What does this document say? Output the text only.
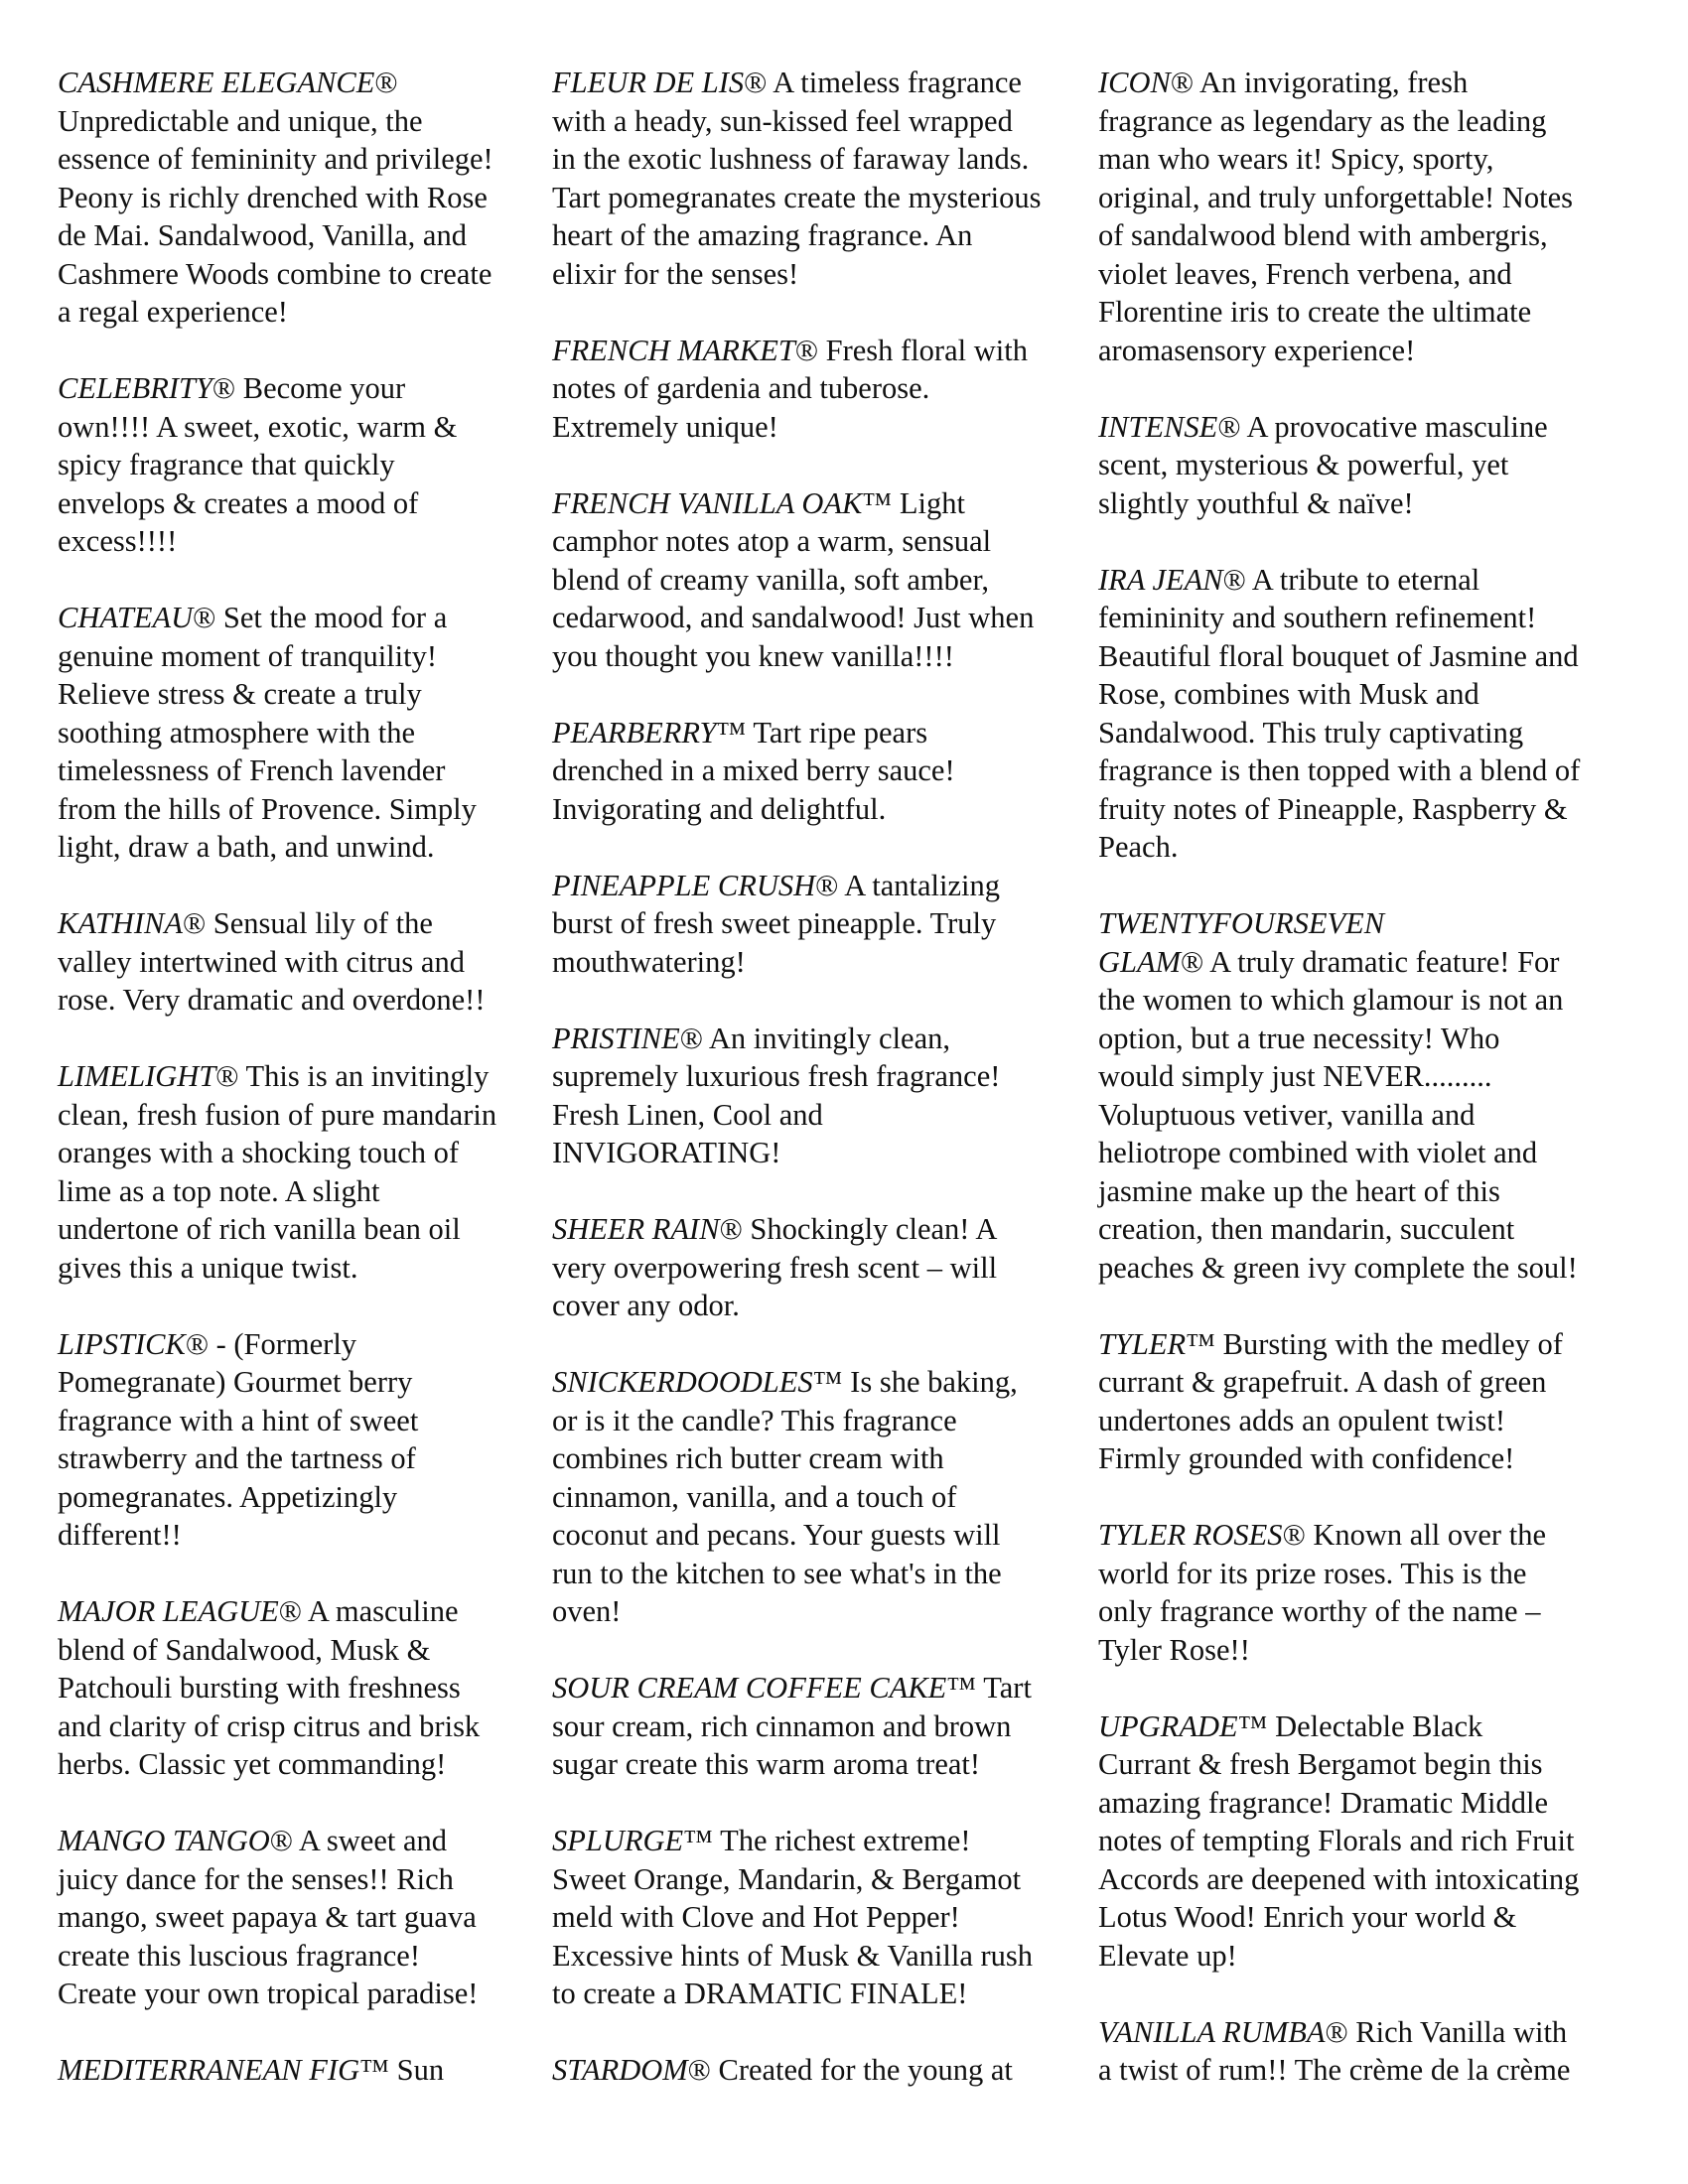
CASHMERE ELEGANCE®
Unpredictable and unique, the
essence of femininity and privilege!
Peony is richly drenched with Rose
de Mai. Sandalwood, Vanilla, and
Cashmere Woods combine to create
a regal experience!
CELEBRITY® Become your
own!!!! A sweet, exotic, warm &
spicy fragrance that quickly
envelops & creates a mood of
excess!!!!
CHATEAU® Set the mood for a
genuine moment of tranquility!
Relieve stress & create a truly
soothing atmosphere with the
timelessness of French lavender
from the hills of Provence. Simply
light, draw a bath, and unwind.
KATHINA® Sensual lily of the
valley intertwined with citrus and
rose. Very dramatic and overdone!!
LIMELIGHT® This is an invitingly
clean, fresh fusion of pure mandarin
oranges with a shocking touch of
lime as a top note. A slight
undertone of rich vanilla bean oil
gives this a unique twist.
LIPSTICK® - (Formerly
Pomegranate) Gourmet berry
fragrance with a hint of sweet
strawberry and the tartness of
pomegranates. Appetizingly
different!!
MAJOR LEAGUE® A masculine
blend of Sandalwood, Musk &
Patchouli bursting with freshness
and clarity of crisp citrus and brisk
herbs. Classic yet commanding!
MANGO TANGO® A sweet and
juicy dance for the senses!! Rich
mango, sweet papaya & tart guava
create this luscious fragrance!
Create your own tropical paradise!
MEDITERRANEAN FIG™ Sun
FLEUR DE LIS® A timeless fragrance
with a heady, sun-kissed feel wrapped
in the exotic lushness of faraway lands.
Tart pomegranates create the mysterious
heart of the amazing fragrance. An
elixir for the senses!
FRENCH MARKET® Fresh floral with
notes of gardenia and tuberose.
Extremely unique!
FRENCH VANILLA OAK™ Light
camphor notes atop a warm, sensual
blend of creamy vanilla, soft amber,
cedarwood, and sandalwood! Just when
you thought you knew vanilla!!!!
PEARBERRY™ Tart ripe pears
drenched in a mixed berry sauce!
Invigorating and delightful.
PINEAPPLE CRUSH® A tantalizing
burst of fresh sweet pineapple. Truly
mouthwatering!
PRISTINE® An invitingly clean,
supremely luxurious fresh fragrance!
Fresh Linen, Cool and
INVIGORATING!
SHEER RAIN® Shockingly clean! A
very overpowering fresh scent – will
cover any odor.
SNICKERDOODLES™ Is she baking,
or is it the candle? This fragrance
combines rich butter cream with
cinnamon, vanilla, and a touch of
coconut and pecans. Your guests will
run to the kitchen to see what's in the
oven!
SOUR CREAM COFFEE CAKE™ Tart
sour cream, rich cinnamon and brown
sugar create this warm aroma treat!
SPLURGE™ The richest extreme!
Sweet Orange, Mandarin, & Bergamot
meld with Clove and Hot Pepper!
Excessive hints of Musk & Vanilla rush
to create a DRAMATIC FINALE!
STARDOM® Created for the young at
ICON® An invigorating, fresh
fragrance as legendary as the leading
man who wears it! Spicy, sporty,
original, and truly unforgettable! Notes
of sandalwood blend with ambergris,
violet leaves, French verbena, and
Florentine iris to create the ultimate
aromasensory experience!
INTENSE® A provocative masculine
scent, mysterious & powerful, yet
slightly youthful & naïve!
IRA JEAN® A tribute to eternal
femininity and southern refinement!
Beautiful floral bouquet of Jasmine and
Rose, combines with Musk and
Sandalwood. This truly captivating
fragrance is then topped with a blend of
fruity notes of Pineapple, Raspberry &
Peach.
TWENTYFOURSEVEN
GLAM® A truly dramatic feature! For
the women to which glamour is not an
option, but a true necessity! Who
would simply just NEVER.........
Voluptuous vetiver, vanilla and
heliotrope combined with violet and
jasmine make up the heart of this
creation, then mandarin, succulent
peaches & green ivy complete the soul!
TYLER™ Bursting with the medley of
currant & grapefruit. A dash of green
undertones adds an opulent twist!
Firmly grounded with confidence!
TYLER ROSES® Known all over the
world for its prize roses. This is the
only fragrance worthy of the name –
Tyler Rose!!
UPGRADE™ Delectable Black
Currant & fresh Bergamot begin this
amazing fragrance! Dramatic Middle
notes of tempting Florals and rich Fruit
Accords are deepened with intoxicating
Lotus Wood! Enrich your world &
Elevate up!
VANILLA RUMBA® Rich Vanilla with
a twist of rum!! The crème de la crème
